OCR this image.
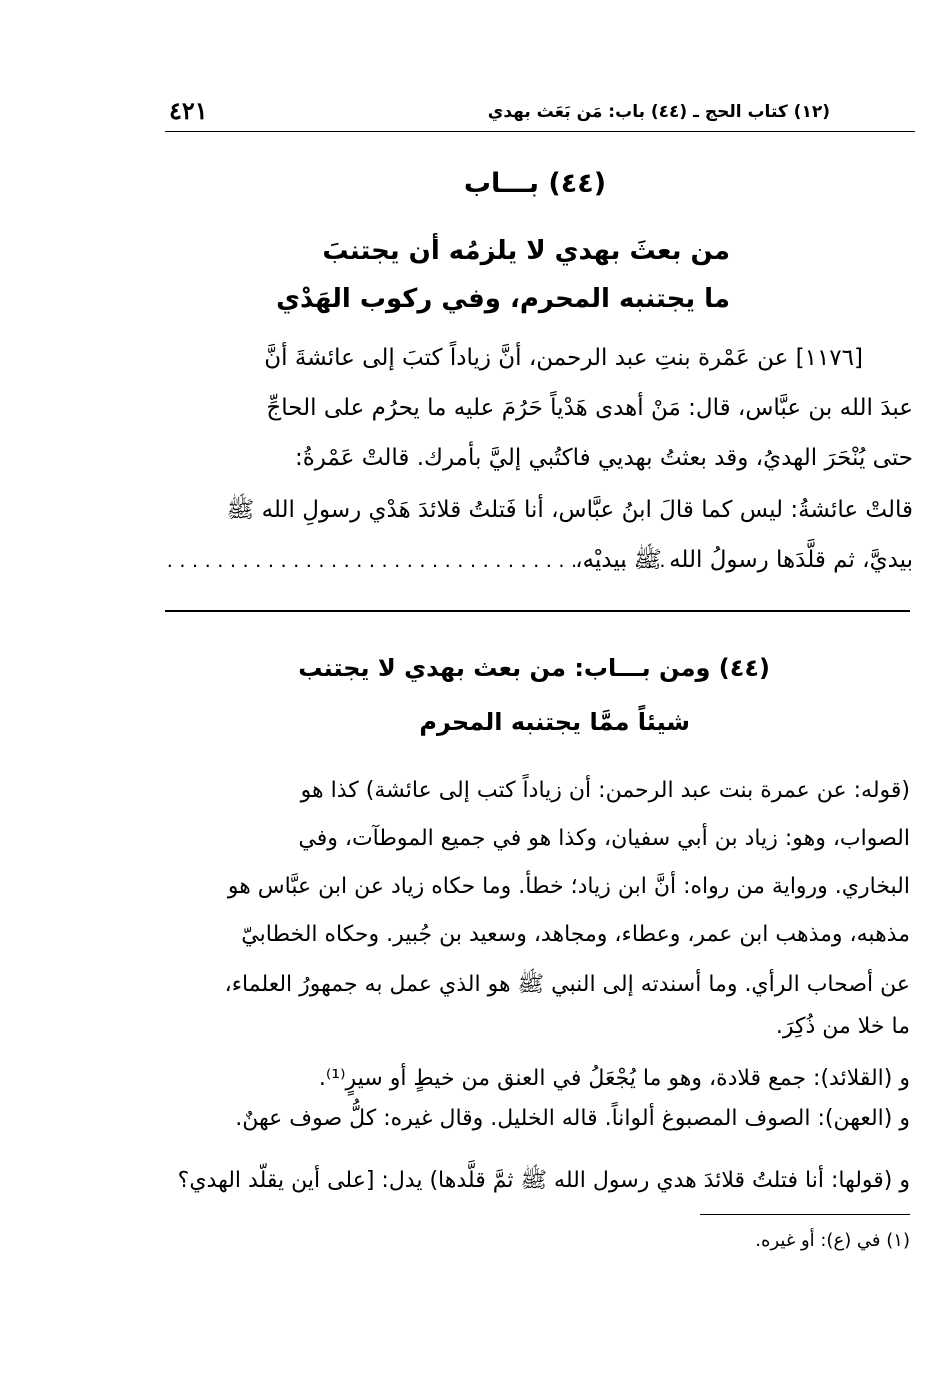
٤٢١	(١٢) كتاب الحج ـ (٤٤) باب: مَن بَعَث بهدي
(٤٤) بـــاب
من بعثَ بهدي لا يلزمُه أن يجتنبَ
ما يجتنبه المحرم، وفي ركوب الهَدْي
[١١٧٦] عن عَمْرة بنتِ عبد الرحمن، أنَّ زياداً كتبَ إلى عائشةَ أنَّ
عبدَ الله بن عبَّاس، قال: مَنْ أهدى هَدْياً حَرُمَ عليه ما يحرُم على الحاجِّ
حتى يُنْحَرَ الهديُ، وقد بعثتُ بهديي فاكتُبي إليَّ بأمرك. قالتْ عَمْرةُ:
قالتْ عائشةُ: ليس كما قالَ ابنُ عبَّاس، أنا فَتلتُ قلائدَ هَدْي رسولِ الله ﷺ
بيديَّ، ثم قلَّدَها رسولُ الله ﷺ بيديْه،
........................................
(٤٤) ومن بـــاب: من بعث بهدي لا يجتنب
شيئاً ممَّا يجتنبه المحرم
(قوله: عن عمرة بنت عبد الرحمن: أن زياداً كتب إلى عائشة) كذا هو
الصواب، وهو: زياد بن أبي سفيان، وكذا هو في جميع الموطآت، وفي
البخاري. ورواية من رواه: أنَّ ابن زياد؛ خطأ. وما حكاه زياد عن ابن عبَّاس هو
مذهبه، ومذهب ابن عمر، وعطاء، ومجاهد، وسعيد بن جُبير. وحكاه الخطابيّ
عن أصحاب الرأي. وما أسندته إلى النبي ﷺ هو الذي عمل به جمهورُ العلماء،
ما خلا من ذُكِرَ.
و (القلائد): جمع قلادة، وهو ما يُجْعَلُ في العنق من خيطٍ أو سيرٍ⁽¹⁾.
و (العهن): الصوف المصبوغ ألواناً. قاله الخليل. وقال غيره: كلُّ صوف عهنٌ.
و (قولها: أنا فتلتُ قلائدَ هدي رسول الله ﷺ ثمَّ قلَّدها) يدل: [على أين يقلّد الهدي؟
(١) في (ع): أو غيره.
